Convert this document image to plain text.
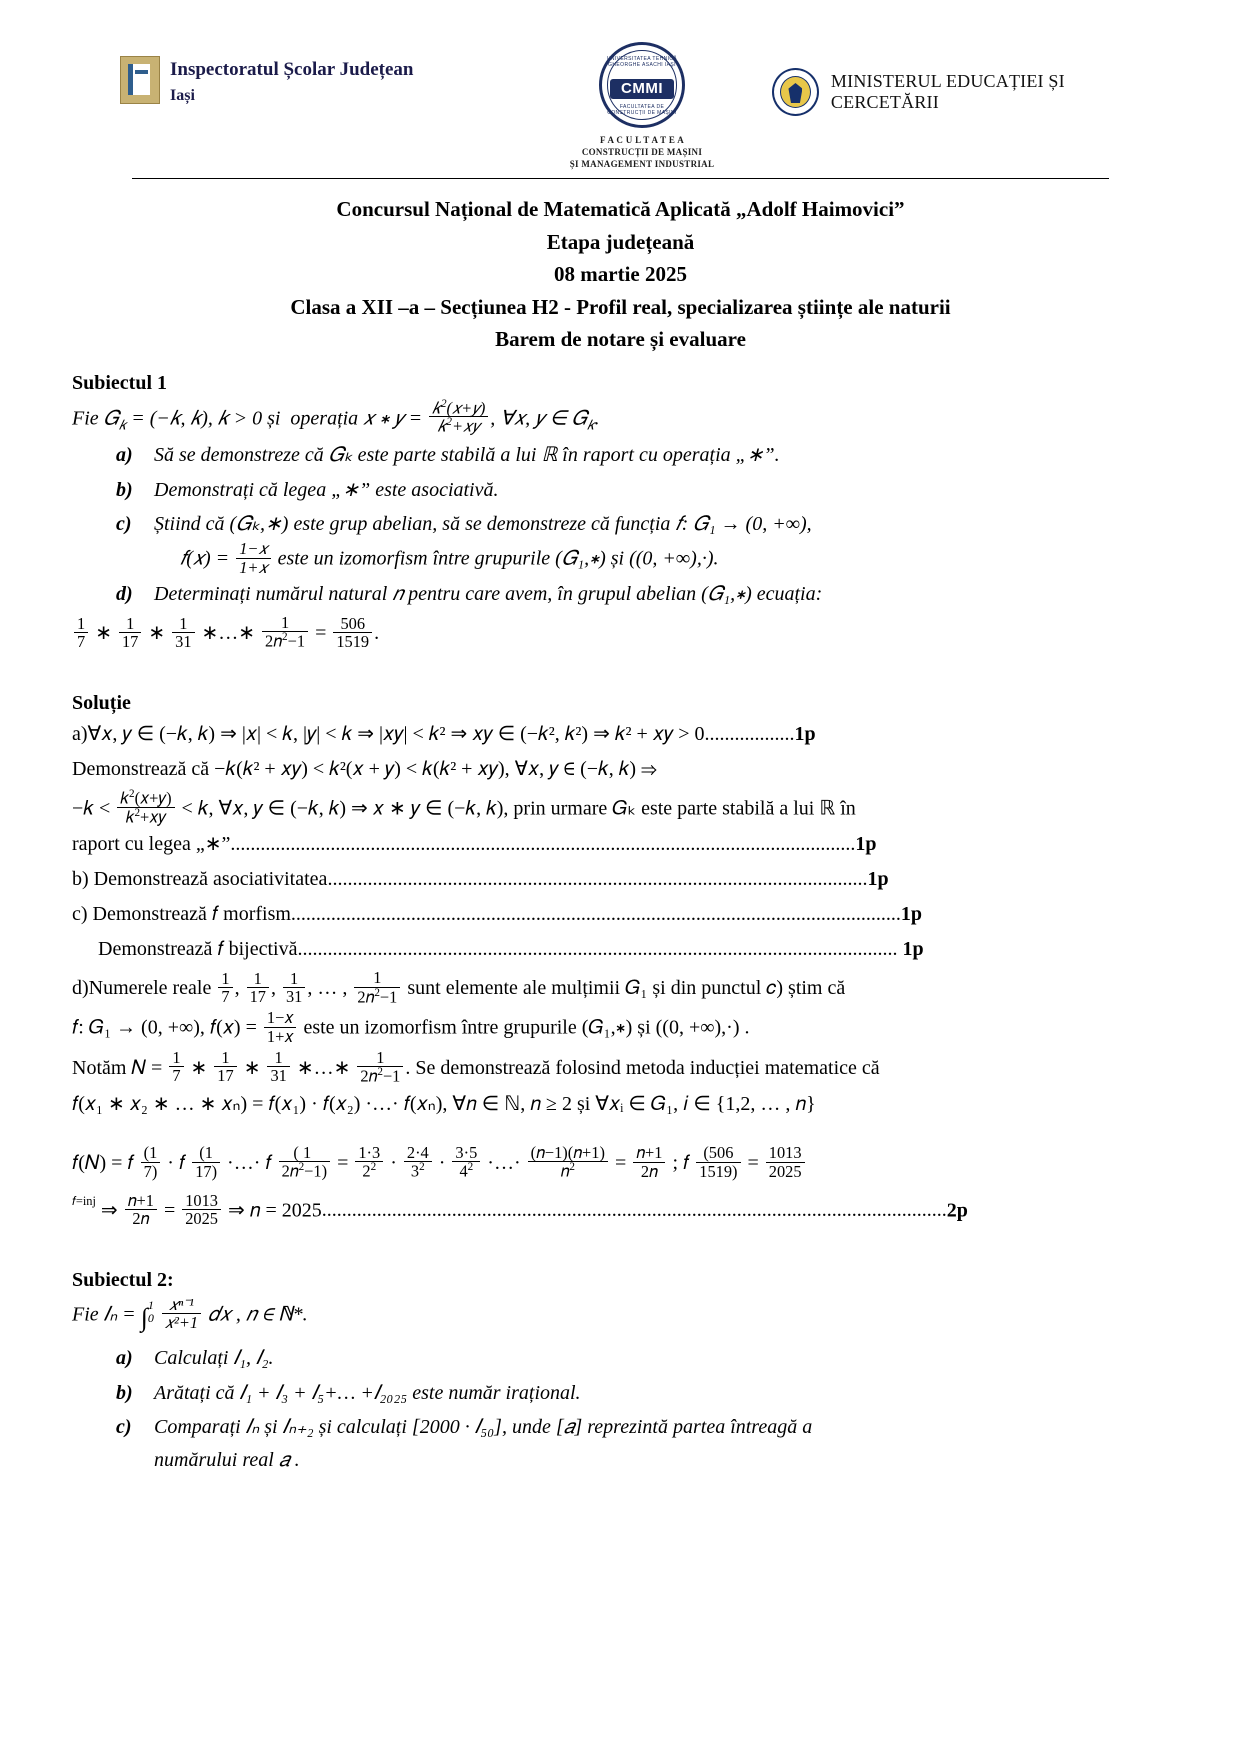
Inspectoratul Școlar Județean
Iași
UNIVERSITATEA TEHNICĂ GHEORGHE ASACHI IAȘI
CMMI
FACULTATEA DE CONSTRUCȚII DE MAȘINI
F A C U L T A T E A
CONSTRUCȚII DE MAȘINI
ȘI MANAGEMENT INDUSTRIAL
MINISTERUL EDUCAȚIEI ȘI CERCETĂRII
Concursul Național de Matematică Aplicată „Adolf Haimovici”
Etapa județeană
08 martie 2025
Clasa a XII –a – Secțiunea H2 - Profil real, specializarea științe ale naturii
Barem de notare și evaluare
Subiectul 1
Fie 𝐺$_𝑘$ = (−𝑘, 𝑘), 𝑘 > 0 și  operația 𝑥 ∗ 𝑦 = $\frac{𝑘^2(𝑥+𝑦)}{𝑘^2+𝑥𝑦}$ , ∀𝑥, 𝑦 ∈ 𝐺$_𝑘$.
a) Să se demonstreze că 𝐺ₖ este parte stabilă a lui ℝ în raport cu operația „∗”.
b) Demonstrați că legea „∗” este asociativă.
c) Știind că (𝐺ₖ,∗) este grup abelian, să se demonstreze că funcția 𝑓: 𝐺₁ → (0, +∞),
𝑓(𝑥) = $\frac{\text{1−𝑥}}{\text{1+𝑥}}$ este un izomorfism între grupurile (𝐺₁,∗) și ((0, +∞),·).
d) Determinați numărul natural 𝑛 pentru care avem, în grupul abelian (𝐺₁,∗) ecuația:
$\frac{1}{7}$ ∗ $\frac{1}{17}$ ∗ $\frac{1}{31}$ ∗…∗ $\frac{1}{2𝑛^2-1} = \frac{506}{1519}$ .
Soluție
a)∀𝑥, 𝑦 ∈ (−𝑘, 𝑘) ⇒ |𝑥| < 𝑘, |𝑦| < 𝑘 ⇒ |𝑥𝑦| < 𝑘² ⇒ 𝑥𝑦 ∈ (−𝑘², 𝑘²) ⇒ 𝑘² + 𝑥𝑦 > 0..................1p
Demonstrează că −𝑘(𝑘² + 𝑥𝑦) < 𝑘²(𝑥 + 𝑦) < 𝑘(𝑘² + 𝑥𝑦), ∀𝑥, 𝑦 ∈ (−𝑘, 𝑘) ⇒
−𝑘 < $\frac{𝑘^2(𝑥+𝑦)}{𝑘^2+𝑥𝑦}$ < 𝑘, ∀𝑥, 𝑦 ∈ (−𝑘, 𝑘) ⇒ 𝑥 ∗ 𝑦 ∈ (−𝑘, 𝑘), prin urmare 𝐺ₖ este parte stabilă a lui ℝ în
raport cu legea „∗”.............................................................................................................................1p
b) Demonstrează asociativitatea............................................................................................................1p
c) Demonstrează 𝑓 morfism..........................................................................................................................1p
Demonstrează 𝑓 bijectivă........................................................................................................................ 1p
d)Numerele reale $\frac{1}{7}$ , $\frac{1}{17}$ , $\frac{1}{31}$ , … , $\frac{1}{2𝑛^2-1}$ sunt elemente ale mulțimii 𝐺₁ și din punctul 𝑐) știm că
𝑓: 𝐺₁ → (0, +∞), 𝑓(𝑥) = $\frac{\text{1−𝑥}}{\text{1+𝑥}}$ este un izomorfism între grupurile (𝐺₁,∗) și ((0, +∞),·) .
Notăm 𝑁 = $\frac{1}{7}$ ∗ $\frac{1}{17}$ ∗ $\frac{1}{31}$ ∗…∗ $\frac{1}{2𝑛^2-1}$ . Se demonstrează folosind metoda inducției matematice că
𝑓(𝑥₁ ∗ 𝑥₂ ∗ … ∗ 𝑥ₙ) = 𝑓(𝑥₁) · 𝑓(𝑥₂) ·…· 𝑓(𝑥ₙ), ∀𝑛 ∈ ℕ, 𝑛 ≥ 2 și ∀𝑥ᵢ ∈ 𝐺₁, 𝑖 ∈ {1,2, … , 𝑛}
𝑓(𝑁) = 𝑓 $\frac{(1}{7)}$ · 𝑓 $\frac{(1}{17)}$ ·…· 𝑓 $\frac{( 1}{2𝑛^2-1)} = \frac{1\cdot 3}{2^2} \cdot \frac{2\cdot 4}{3^2} \cdot \frac{3\cdot 5}{4^2}$ ·…· $\frac{\text{(𝑛−1)(𝑛+1)}}{𝑛^2} = \frac{\text{𝑛+1}}{\text{2𝑛}}$ ; 𝑓 $\frac{(506}{1519)} = \frac{1013}{2025}$
𝑓=inj ⇒ $\frac{\text{𝑛+1}}{\text{2𝑛}} = \frac{1013}{2025}$ ⇒ 𝑛 = 2025.............................................................................................................................2p
Subiectul 2:
Fie 𝐼ₙ = ∫ 1
0
$\frac{\text{𝑥ⁿ⁻¹}}{\text{𝑥²+1}}$ 𝑑𝑥 , 𝑛 ∈ ℕ*.
a) Calculați 𝐼₁, 𝐼₂.
b) Arătați că 𝐼₁ + 𝐼₃ + 𝐼₅+… +𝐼₂₀₂₅ este număr irațional.
c) Comparați 𝐼ₙ și 𝐼ₙ₊₂ și calculați [2000 · 𝐼₅₀], unde [𝑎] reprezintă partea întreagă a
numărului real 𝑎 .
